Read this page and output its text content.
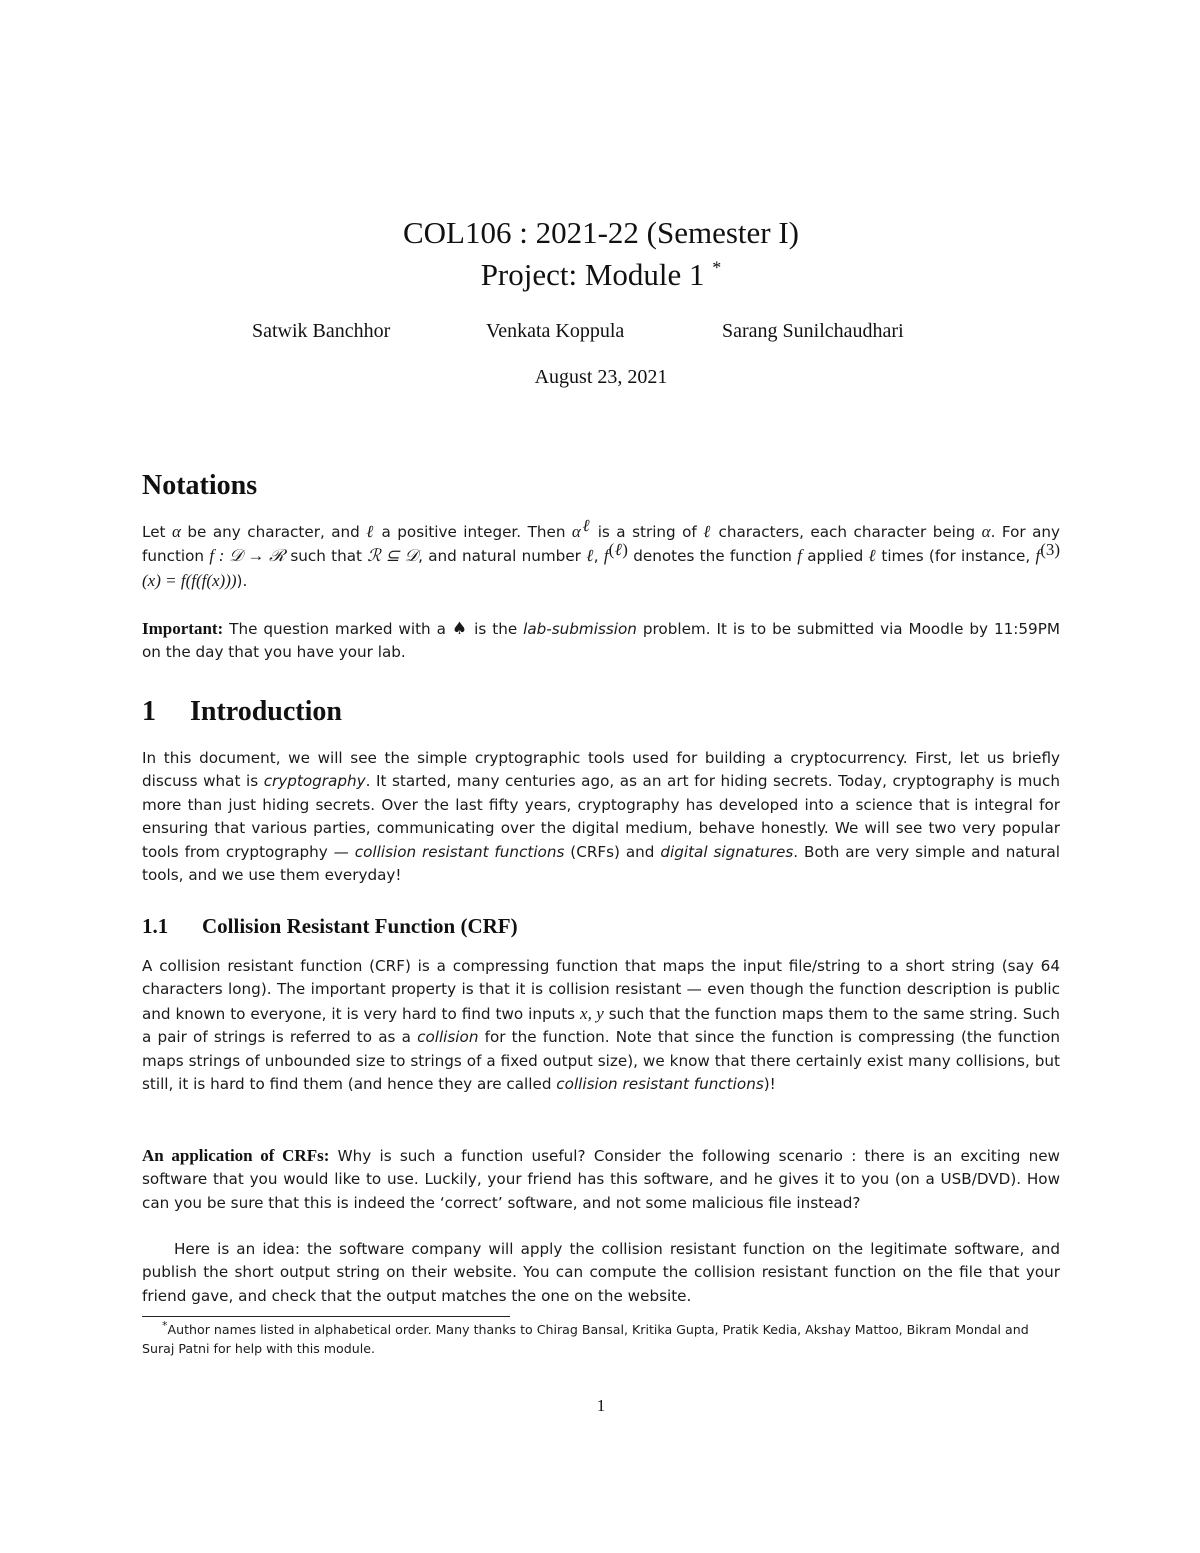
COL106 : 2021-22 (Semester I)
Project: Module 1 *
Satwik Banchhor	Venkata Koppula	Sarang Sunilchaudhari
August 23, 2021
Notations

Let α be any character, and ℓ a positive integer. Then $\alpha^\ell$ is a string of ℓ characters, each character being α. For any function f : 𝒟 → ℛ such that ℛ ⊆ 𝒟, and natural number ℓ, $f^{(\ell)}$ denotes the function f applied ℓ times (for instance, $f^{(3)}(x) = f(f(f(x)))$).

Important: The question marked with a ♠ is the lab-submission problem. It is to be submitted via Moodle by 11:59PM on the day that you have your lab.

1 Introduction

In this document, we will see the simple cryptographic tools used for building a cryptocurrency. First, let us briefly discuss what is cryptography. It started, many centuries ago, as an art for hiding secrets. Today, cryptography is much more than just hiding secrets. Over the last fifty years, cryptography has developed into a science that is integral for ensuring that various parties, communicating over the digital medium, behave honestly. We will see two very popular tools from cryptography — collision resistant functions (CRFs) and digital signatures. Both are very simple and natural tools, and we use them everyday!

1.1 Collision Resistant Function (CRF)

A collision resistant function (CRF) is a compressing function that maps the input file/string to a short string (say 64 characters long). The important property is that it is collision resistant — even though the function description is public and known to everyone, it is very hard to find two inputs x, y such that the function maps them to the same string. Such a pair of strings is referred to as a collision for the function. Note that since the function is compressing (the function maps strings of unbounded size to strings of a fixed output size), we know that there certainly exist many collisions, but still, it is hard to find them (and hence they are called collision resistant functions)!

An application of CRFs: Why is such a function useful? Consider the following scenario : there is an exciting new software that you would like to use. Luckily, your friend has this software, and he gives it to you (on a USB/DVD). How can you be sure that this is indeed the ‘correct’ software, and not some malicious file instead?

Here is an idea: the software company will apply the collision resistant function on the legitimate software, and publish the short output string on their website. You can compute the collision resistant function on the file that your friend gave, and check that the output matches the one on the website.

*Author names listed in alphabetical order. Many thanks to Chirag Bansal, Kritika Gupta, Pratik Kedia, Akshay Mattoo, Bikram Mondal and Suraj Patni for help with this module.

1
